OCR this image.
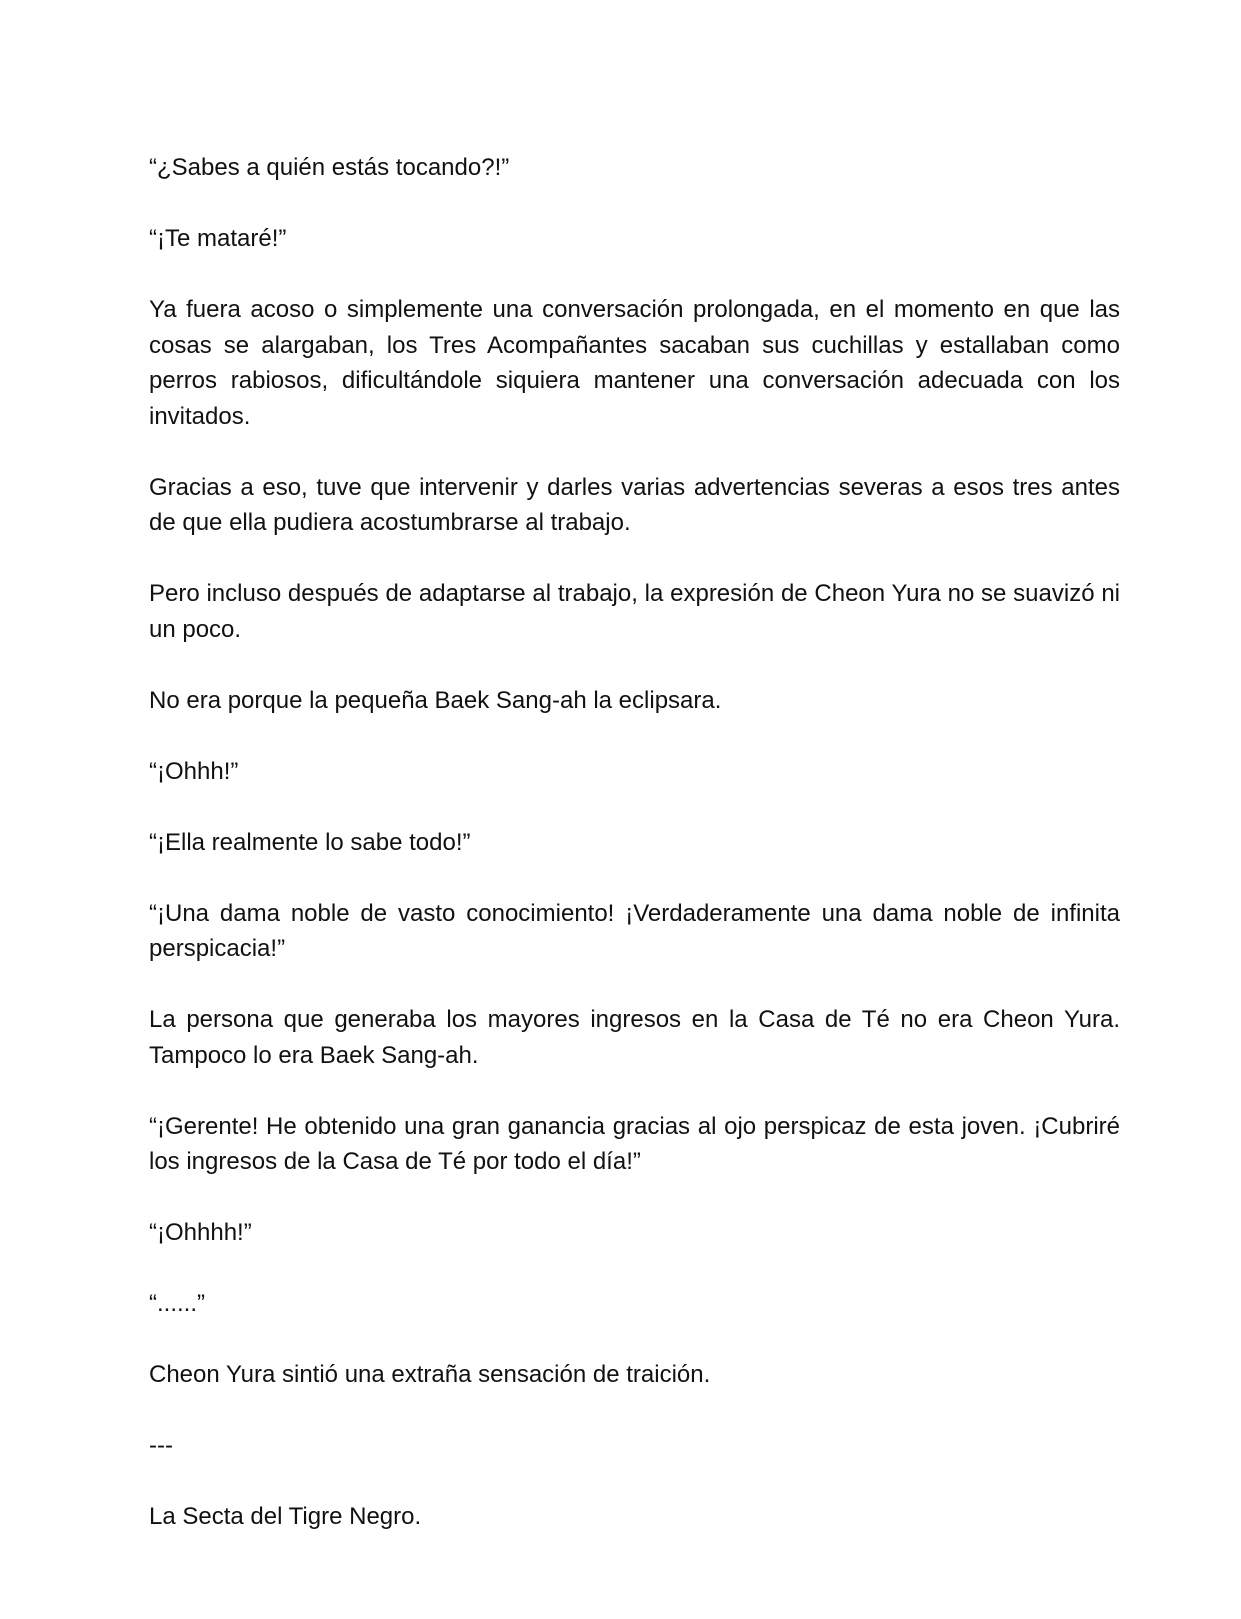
“¿Sabes a quién estás tocando?!”

“¡Te mataré!”

Ya fuera acoso o simplemente una conversación prolongada, en el momento en que las cosas se alargaban, los Tres Acompañantes sacaban sus cuchillas y estallaban como perros rabiosos, dificultándole siquiera mantener una conversación adecuada con los invitados.

Gracias a eso, tuve que intervenir y darles varias advertencias severas a esos tres antes de que ella pudiera acostumbrarse al trabajo.

Pero incluso después de adaptarse al trabajo, la expresión de Cheon Yura no se suavizó ni un poco.

No era porque la pequeña Baek Sang-ah la eclipsara.

“¡Ohhh!”

“¡Ella realmente lo sabe todo!”

“¡Una dama noble de vasto conocimiento! ¡Verdaderamente una dama noble de infinita perspicacia!”

La persona que generaba los mayores ingresos en la Casa de Té no era Cheon Yura. Tampoco lo era Baek Sang-ah.

“¡Gerente! He obtenido una gran ganancia gracias al ojo perspicaz de esta joven. ¡Cubriré los ingresos de la Casa de Té por todo el día!”

“¡Ohhhh!”

“......”

Cheon Yura sintió una extraña sensación de traición.

---

La Secta del Tigre Negro.
